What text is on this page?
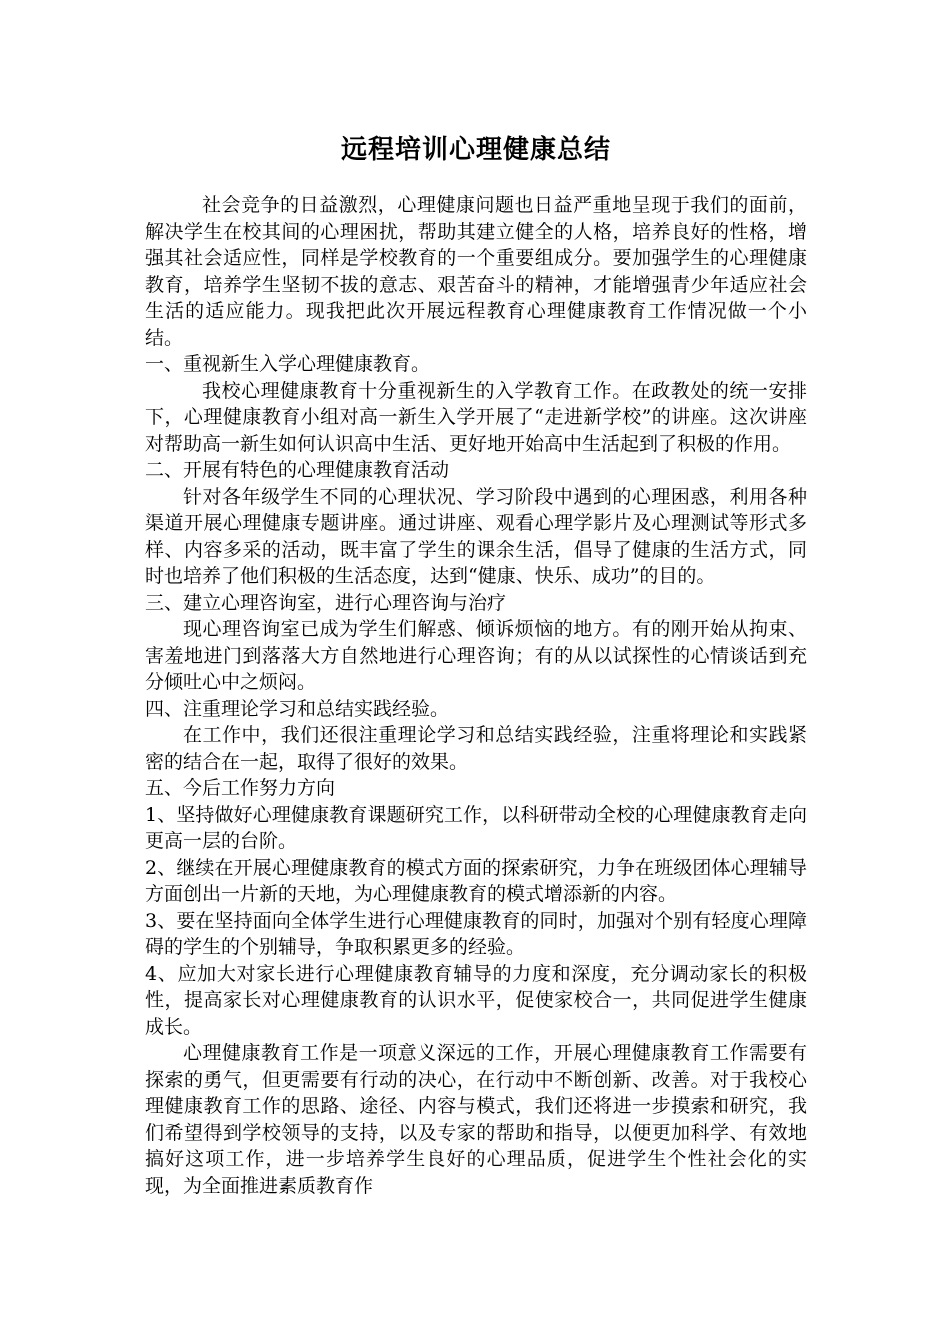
远程培训心理健康总结

社会竞争的日益激烈，心理健康问题也日益严重地呈现于我们的面前，解决学生在校其间的心理困扰，帮助其建立健全的人格，培养良好的性格，增强其社会适应性，同样是学校教育的一个重要组成分。要加强学生的心理健康教育，培养学生坚韧不拔的意志、艰苦奋斗的精神，才能增强青少年适应社会生活的适应能力。现我把此次开展远程教育心理健康教育工作情况做一个小结。

一、重视新生入学心理健康教育。

我校心理健康教育十分重视新生的入学教育工作。在政教处的统一安排下，心理健康教育小组对高一新生入学开展了“走进新学校”的讲座。这次讲座对帮助高一新生如何认识高中生活、更好地开始高中生活起到了积极的作用。

二、开展有特色的心理健康教育活动

针对各年级学生不同的心理状况、学习阶段中遇到的心理困惑，利用各种渠道开展心理健康专题讲座。通过讲座、观看心理学影片及心理测试等形式多样、内容多采的活动，既丰富了学生的课余生活，倡导了健康的生活方式，同时也培养了他们积极的生活态度，达到“健康、快乐、成功”的目的。

三、建立心理咨询室，进行心理咨询与治疗

现心理咨询室已成为学生们解惑、倾诉烦恼的地方。有的刚开始从拘束、害羞地进门到落落大方自然地进行心理咨询；有的从以试探性的心情谈话到充分倾吐心中之烦闷。

四、注重理论学习和总结实践经验。

在工作中，我们还很注重理论学习和总结实践经验，注重将理论和实践紧密的结合在一起，取得了很好的效果。

五、今后工作努力方向

1、坚持做好心理健康教育课题研究工作，以科研带动全校的心理健康教育走向更高一层的台阶。

2、继续在开展心理健康教育的模式方面的探索研究，力争在班级团体心理辅导方面创出一片新的天地，为心理健康教育的模式增添新的内容。

3、要在坚持面向全体学生进行心理健康教育的同时，加强对个别有轻度心理障碍的学生的个别辅导，争取积累更多的经验。

4、应加大对家长进行心理健康教育辅导的力度和深度，充分调动家长的积极性，提高家长对心理健康教育的认识水平，促使家校合一，共同促进学生健康成长。

心理健康教育工作是一项意义深远的工作，开展心理健康教育工作需要有探索的勇气，但更需要有行动的决心，在行动中不断创新、改善。对于我校心理健康教育工作的思路、途径、内容与模式，我们还将进一步摸索和研究，我们希望得到学校领导的支持，以及专家的帮助和指导，以便更加科学、有效地搞好这项工作，进一步培养学生良好的心理品质，促进学生个性社会化的实现，为全面推进素质教育作
